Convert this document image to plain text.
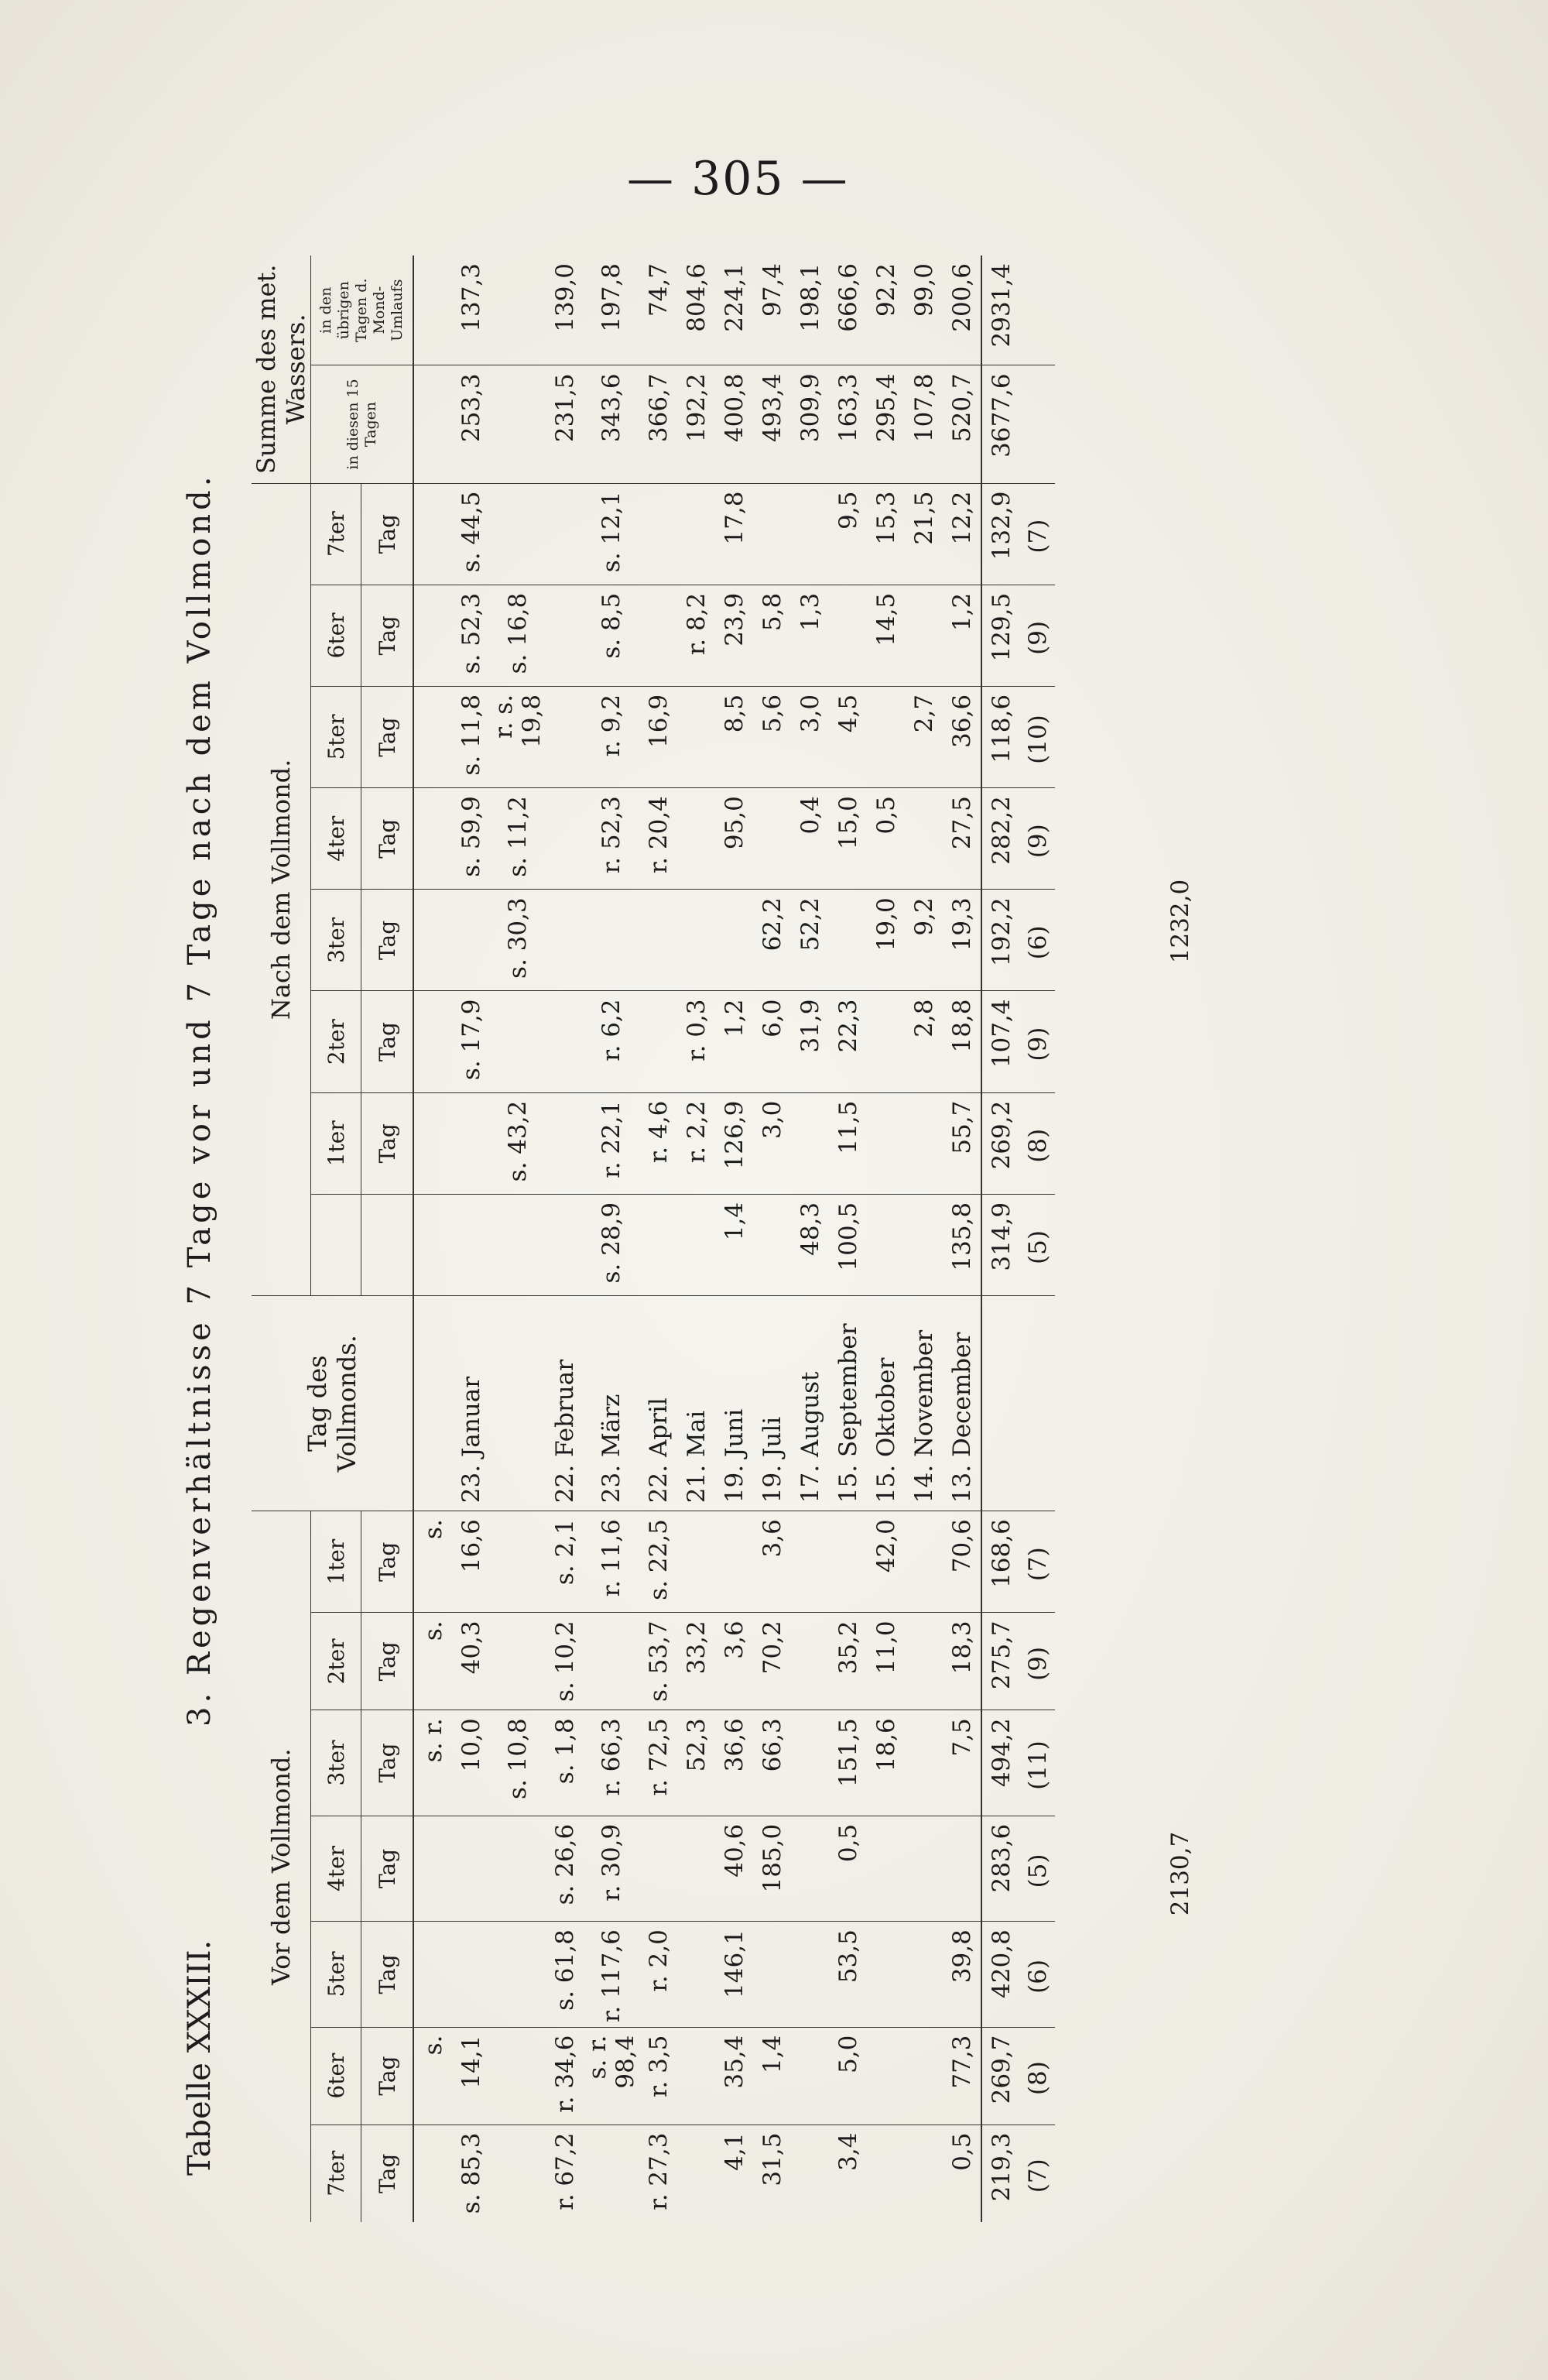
— 305 —
Tabelle XXXIII.
3. Regenverhältnisse 7 Tage vor und 7 Tage nach dem Vollmond.
Vor dem Vollmond.							Tag des Vollmonds.	Nach dem Vollmond.								Summe des met. Wassers.	
7ter	6ter	5ter	4ter	3ter	2ter	1ter			1ter	2ter	3ter	4ter	5ter	6ter	7ter	in diesen 15 Tagen	in den übrigen Tagen d. Mond-Umlaufs
Tag	Tag	Tag	Tag	Tag	Tag	Tag			Tag	Tag	Tag	Tag	Tag	Tag	Tag		
	s.			s. r.	s.	s.											
s. 85,3	14,1			10,0	40,3	16,6	23. Januar			s. 17,9		s. 59,9	s. 11,8	s. 52,3	s. 44,5	253,3	137,3
				s. 10,8					s. 43,2		s. 30,3	s. 11,2	r. s. 19,8	s. 16,8			
r. 67,2	r. 34,6	s. 61,8	s. 26,6	s. 1,8	s. 10,2	s. 2,1	22. Februar									231,5	139,0
	s. r. 98,4	r. 117,6	r. 30,9	r. 66,3		r. 11,6	23. März	s. 28,9	r. 22,1	r. 6,2		r. 52,3	r. 9,2	s. 8,5	s. 12,1	343,6	197,8
r. 27,3	r. 3,5	r. 2,0		r. 72,5	s. 53,7	s. 22,5	22. April		r. 4,6			r. 20,4	16,9			366,7	74,7
				52,3	33,2		21. Mai		r. 2,2	r. 0,3				r. 8,2		192,2	804,6
4,1	35,4	146,1	40,6	36,6	3,6		19. Juni	1,4	126,9	1,2		95,0	8,5	23,9	17,8	400,8	224,1
31,5	1,4		185,0	66,3	70,2	3,6	19. Juli		3,0	6,0	62,2		5,6	5,8		493,4	97,4
							17. August	48,3		31,9	52,2	0,4	3,0	1,3		309,9	198,1
3,4	5,0	53,5	0,5	151,5	35,2		15. September	100,5	11,5	22,3		15,0	4,5		9,5	163,3	666,6
				18,6	11,0	42,0	15. Oktober				19,0	0,5		14,5	15,3	295,4	92,2
							14. November			2,8	9,2		2,7		21,5	107,8	99,0
0,5	77,3	39,8		7,5	18,3	70,6	13. December	135,8	55,7	18,8	19,3	27,5	36,6	1,2	12,2	520,7	200,6
219,3	269,7	420,8	283,6	494,2	275,7	168,6		314,9	269,2	107,4	192,2	282,2	118,6	129,5	132,9	3677,6	2931,4
(7)	(8)	(6)	(5)	(11)	(9)	(7)		(5)	(8)	(9)	(6)	(9)	(10)	(9)	(7)		
2130,7
1232,0
